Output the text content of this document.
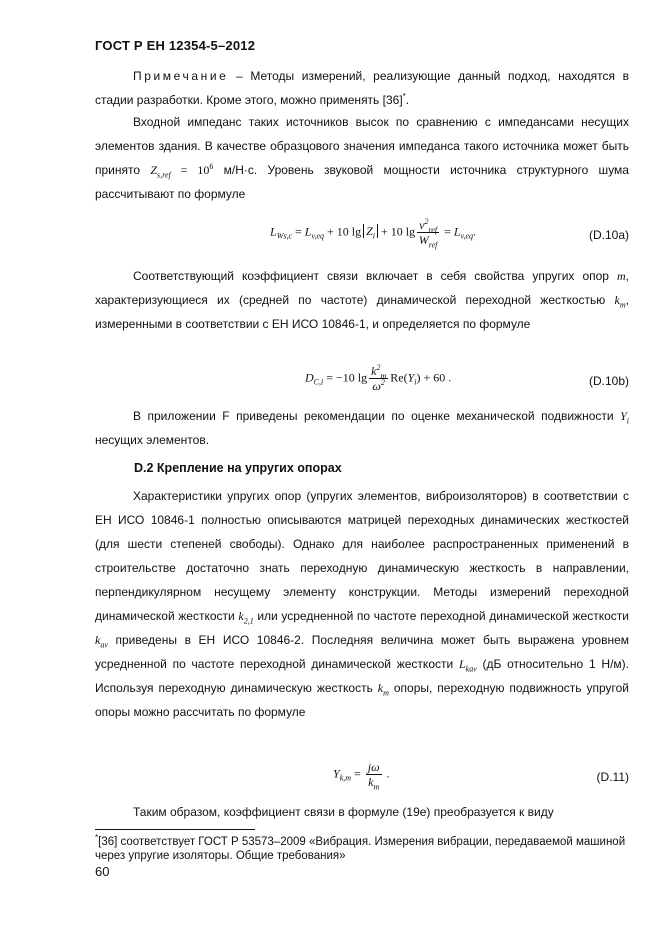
ГОСТ Р ЕН 12354-5–2012
Примечание – Методы измерений, реализующие данный подход, находятся в стадии разработки. Кроме этого, можно применять [36]*.
Входной импеданс таких источников высок по сравнению с импедансами несущих элементов здания. В качестве образцового значения импеданса такого источника может быть принято $Z_{s,ref} = 10^6$ м/Н·с. Уровень звуковой мощности источника структурного шума рассчитывают по формуле
$L_{Ws,c} = L_{v,eq} + 10$ $\lg Z_i + 10$ $\lg \frac{v^2_{ref}}{W_{ref}} = L_{v,eq}$.	(D.10a)
Соответствующий коэффициент связи включает в себя свойства упругих опор m, характеризующиеся их (средней по частоте) динамической переходной жесткостью $k_m$, измеренными в соответствии с ЕН ИСО 10846-1, и определяется по формуле
$D_{C,i} = -10$ $\lg \frac{k^2_m}{\omega^2} Re(Y_i) + 60$ .	(D.10b)
В приложении F приведены рекомендации по оценке механической подвижности $Y_i$ несущих элементов.
D.2 Крепление на упругих опорах
Характеристики упругих опор (упругих элементов, виброизоляторов) в соответствии с ЕН ИСО 10846-1 полностью описываются матрицей переходных динамических жесткостей (для шести степеней свободы). Однако для наиболее распространенных применений в строительстве достаточно знать переходную динамическую жесткость в направлении, перпендикулярном несущему элементу конструкции. Методы измерений переходной динамической жесткости $k_{2,1}$ или усредненной по частоте переходной динамической жесткости $k_{av}$ приведены в ЕН ИСО 10846-2. Последняя величина может быть выражена уровнем усредненной по частоте переходной динамической жесткости $L_{kav}$ (дБ относительно 1 Н/м). Используя переходную динамическую жесткость $k_m$ опоры, переходную подвижность упругой опоры можно рассчитать по формуле
$Y_{k,m} = \frac{j\omega}{k_m}$ .	(D.11)
Таким образом, коэффициент связи в формуле (19е) преобразуется к виду
*[36] соответствует ГОСТ Р 53573–2009 «Вибрация. Измерения вибрации, передаваемой машиной через упругие изоляторы. Общие требования»
60
